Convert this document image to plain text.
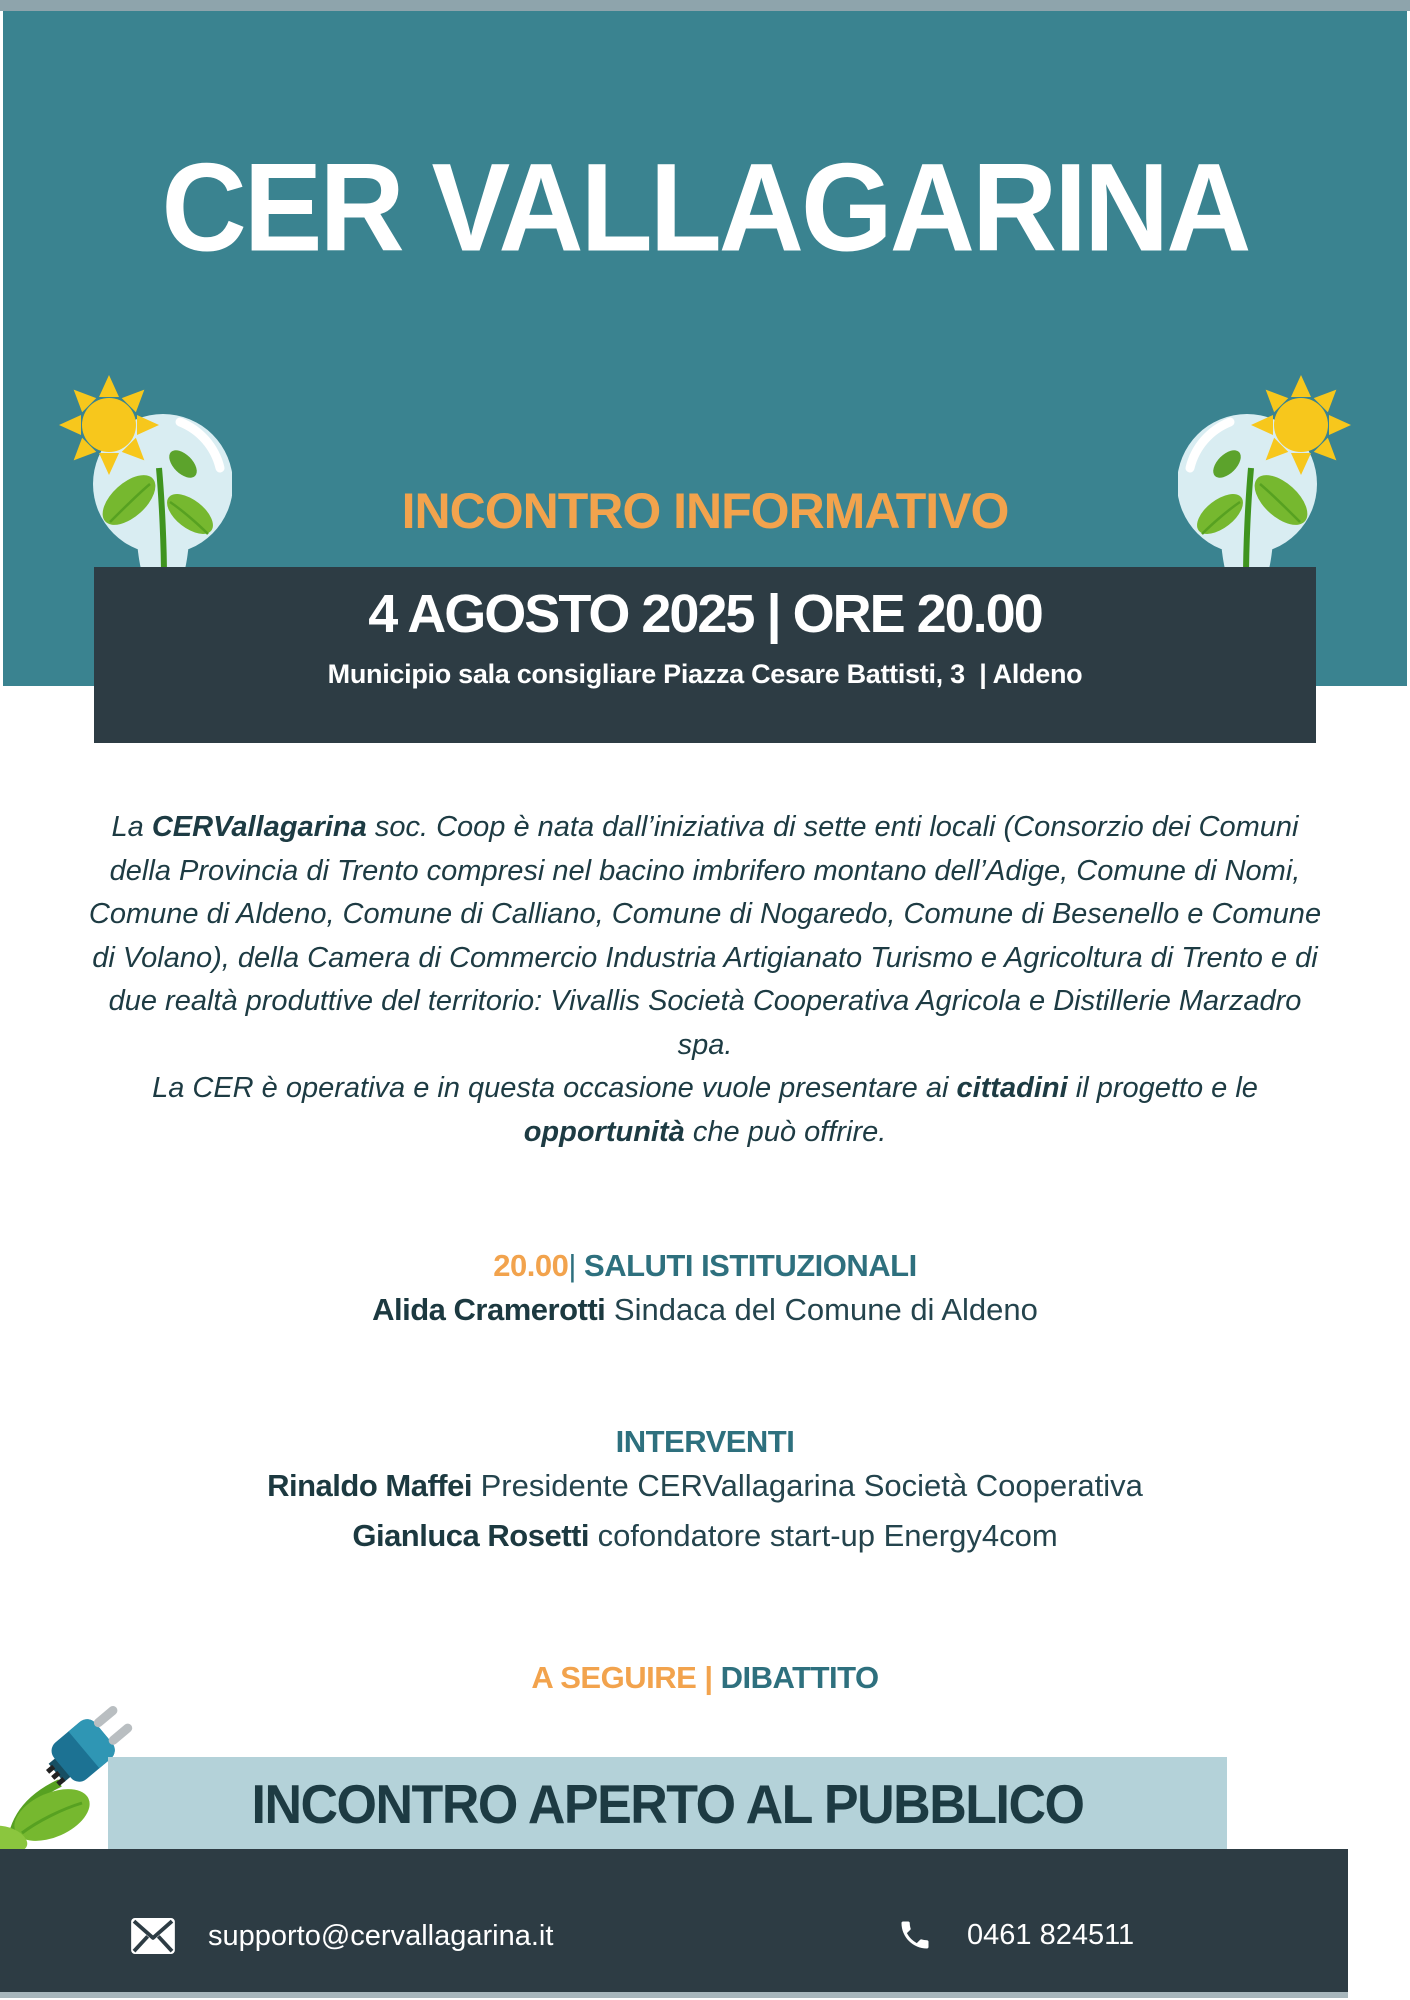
CER VALLAGARINA
INCONTRO INFORMATIVO
4 AGOSTO 2025 | ORE 20.00
Municipio sala consigliare Piazza Cesare Battisti, 3  | Aldeno
La CERVallagarina soc. Coop è nata dall’iniziativa di sette enti locali (Consorzio dei Comuni della Provincia di Trento compresi nel bacino imbrifero montano dell’Adige, Comune di Nomi, Comune di Aldeno, Comune di Calliano, Comune di Nogaredo, Comune di Besenello e Comune di Volano), della Camera di Commercio Industria Artigianato Turismo e Agricoltura di Trento e di due realtà produttive del territorio: Vivallis Società Cooperativa Agricola e Distillerie Marzadro spa.
La CER è operativa e in questa occasione vuole presentare ai cittadini il progetto e le opportunità che può offrire.
20.00| SALUTI ISTITUZIONALI
Alida Cramerotti Sindaca del Comune di Aldeno
INTERVENTI
Rinaldo Maffei Presidente CERVallagarina Società Cooperativa
Gianluca Rosetti cofondatore start-up Energy4com
A SEGUIRE | DIBATTITO
INCONTRO APERTO AL PUBBLICO
supporto@cervallagarina.it	0461 824511
